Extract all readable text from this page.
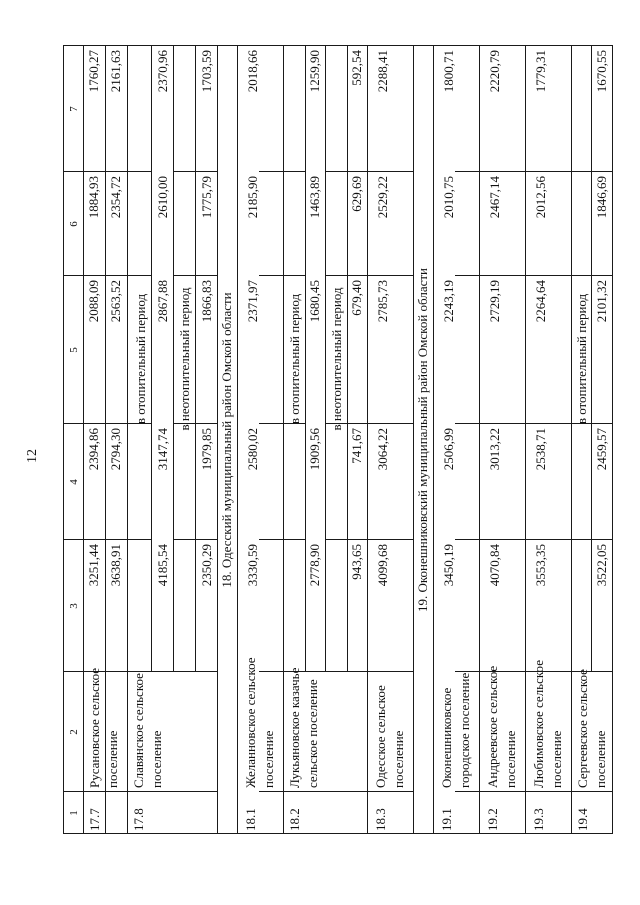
12
1
2
3
4
5
6
7
17.7
Русановское сельское поселение
3251,44
2394,86
2088,09
1884,93
1760,27
3638,91
2794,30
2563,52
2354,72
2161,63
17.8
Славянское сельское поселение
в отопительный период
4185,54
3147,74
2867,88
2610,00
2370,96
в неотопительный период
2350,29
1979,85
1866,83
1775,79
1703,59
18. Одесский муниципальный район Омской области
18.1
Желанновское сельское поселение
3330,59
2580,02
2371,97
2185,90
2018,66
18.2
Лукьяновское казачье сельское поселение
в отопительный период
2778,90
1909,56
1680,45
1463,89
1259,90
в неотопительный период
943,65
741,67
679,40
629,69
592,54
18.3
Одесское сельское поселение
4099,68
3064,22
2785,73
2529,22
2288,41
19. Оконешниковский муниципальный район Омской области
19.1
Оконешниковское городское поселение
3450,19
2506,99
2243,19
2010,75
1800,71
19.2
Андреевское сельское поселение
4070,84
3013,22
2729,19
2467,14
2220,79
19.3
Любимовское сельское поселение
3553,35
2538,71
2264,64
2012,56
1779,31
19.4
Сергеевское сельское поселение
в отопительный период
3522,05
2459,57
2101,32
1846,69
1670,55
